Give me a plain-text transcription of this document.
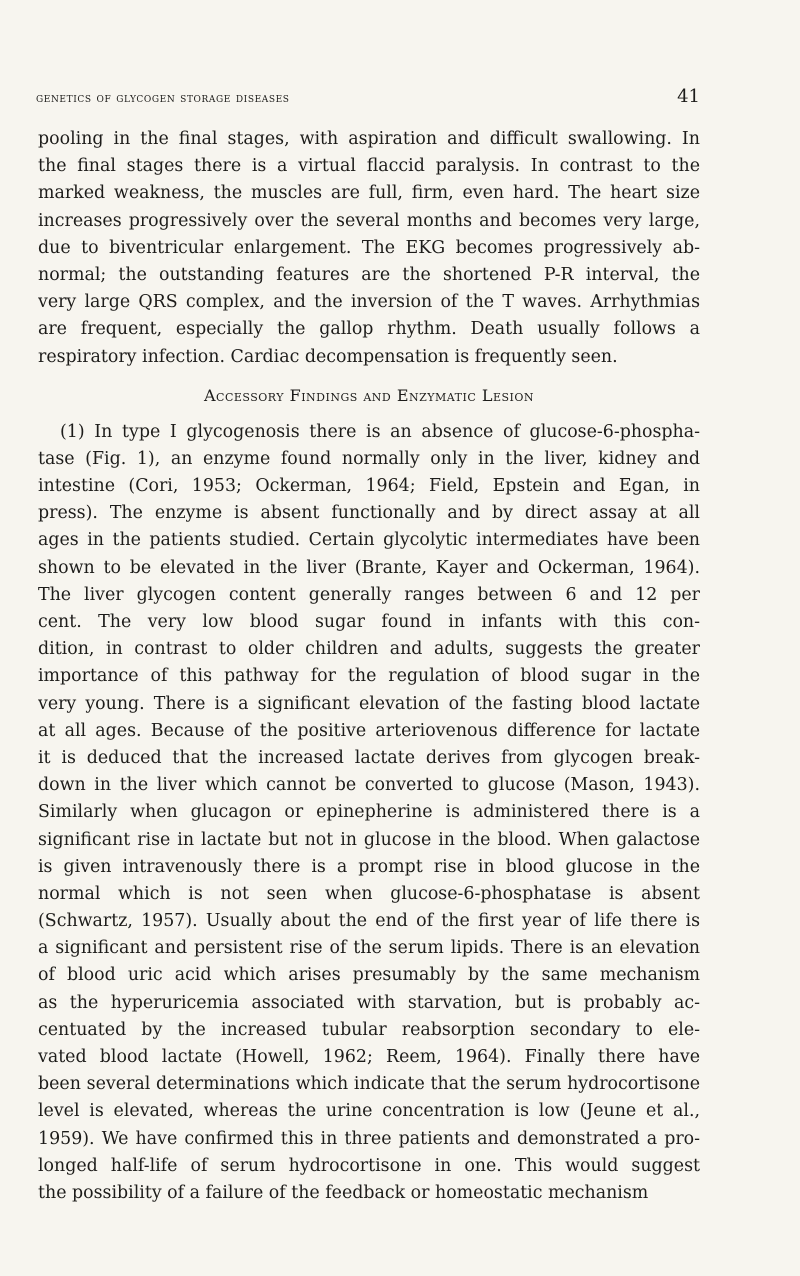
genetics of glycogen storage diseases	41
pooling in the final stages, with aspiration and difficult swallowing. In
the final stages there is a virtual flaccid paralysis. In contrast to the
marked weakness, the muscles are full, firm, even hard. The heart size
increases progressively over the several months and becomes very large,
due to biventricular enlargement. The EKG becomes progressively ab-
normal; the outstanding features are the shortened P-R interval, the
very large QRS complex, and the inversion of the T waves. Arrhythmias
are frequent, especially the gallop rhythm. Death usually follows a
respiratory infection. Cardiac decompensation is frequently seen.
Accessory Findings and Enzymatic Lesion
(1) In type I glycogenosis there is an absence of glucose-6-phospha-
tase (Fig. 1), an enzyme found normally only in the liver, kidney and
intestine (Cori, 1953; Ockerman, 1964; Field, Epstein and Egan, in
press). The enzyme is absent functionally and by direct assay at all
ages in the patients studied. Certain glycolytic intermediates have been
shown to be elevated in the liver (Brante, Kayer and Ockerman, 1964).
The liver glycogen content generally ranges between 6 and 12 per
cent. The very low blood sugar found in infants with this con-
dition, in contrast to older children and adults, suggests the greater
importance of this pathway for the regulation of blood sugar in the
very young. There is a significant elevation of the fasting blood lactate
at all ages. Because of the positive arteriovenous difference for lactate
it is deduced that the increased lactate derives from glycogen break-
down in the liver which cannot be converted to glucose (Mason, 1943).
Similarly when glucagon or epinepherine is administered there is a
significant rise in lactate but not in glucose in the blood. When galactose
is given intravenously there is a prompt rise in blood glucose in the
normal which is not seen when glucose-6-phosphatase is absent
(Schwartz, 1957). Usually about the end of the first year of life there is
a significant and persistent rise of the serum lipids. There is an elevation
of blood uric acid which arises presumably by the same mechanism
as the hyperuricemia associated with starvation, but is probably ac-
centuated by the increased tubular reabsorption secondary to ele-
vated blood lactate (Howell, 1962; Reem, 1964). Finally there have
been several determinations which indicate that the serum hydrocortisone
level is elevated, whereas the urine concentration is low (Jeune et al.,
1959). We have confirmed this in three patients and demonstrated a pro-
longed half-life of serum hydrocortisone in one. This would suggest
the possibility of a failure of the feedback or homeostatic mechanism
